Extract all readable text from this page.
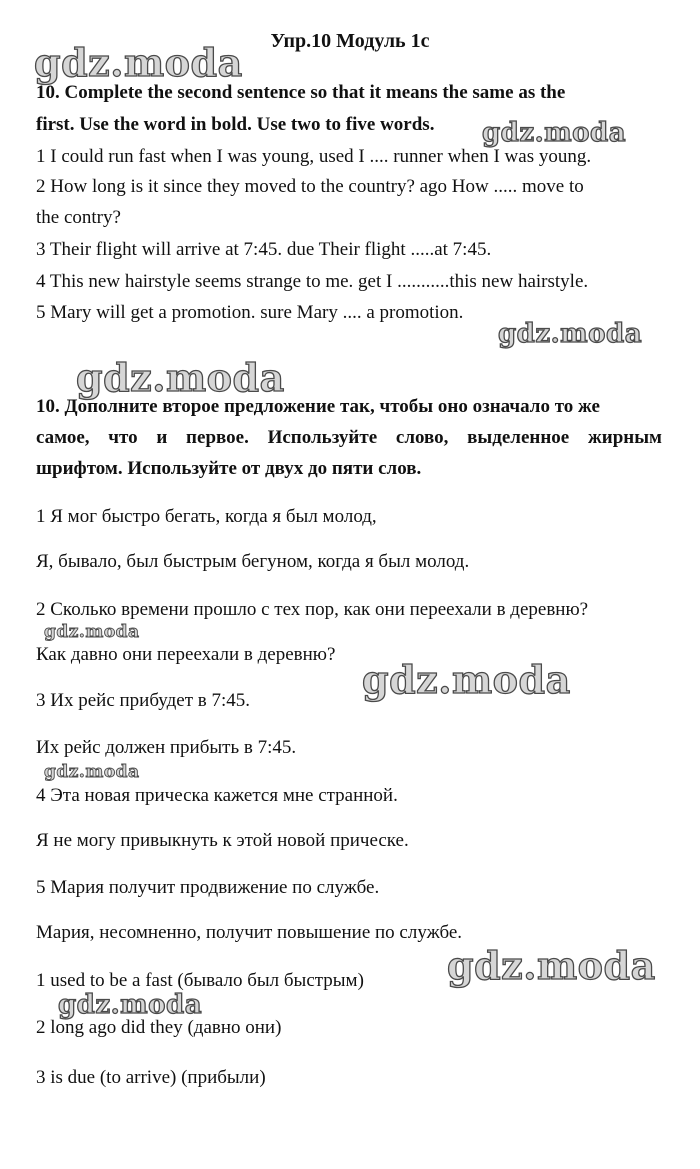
Упр.10 Модуль 1с
10. Complete the second sentence so that it means the same as the
first. Use the word in bold. Use two to five words.
1 I could run fast when I was young, used I .... runner when I was young.
2 How long is it since they moved to the country? ago How ..... move to
the contry?
3 Their flight will arrive at 7:45. due Their flight .....at 7:45.
4 This new hairstyle seems strange to me. get I ...........this new hairstyle.
5 Mary will get a promotion. sure Mary .... a promotion.
10. Дополните второе предложение так, чтобы оно означало то же
самое, что и первое. Используйте слово, выделенное жирным
шрифтом. Используйте от двух до пяти слов.
1 Я мог быстро бегать, когда я был молод,
Я, бывало, был быстрым бегуном, когда я был молод.
2 Сколько времени прошло с тех пор, как они переехали в деревню?
Как давно они переехали в деревню?
3 Их рейс прибудет в 7:45.
Их рейс должен прибыть в 7:45.
4 Эта новая прическа кажется мне странной.
Я не могу привыкнуть к этой новой прическе.
5 Мария получит продвижение по службе.
Мария, несомненно, получит повышение по службе.
1 used to be a fast (бывало был быстрым)
2 long ago did they (давно они)
3 is due (to arrive) (прибыли)
gdz.moda
gdz.moda
gdz.moda
gdz.moda
gdz.moda
gdz.moda
gdz.moda
gdz.moda
gdz.moda
